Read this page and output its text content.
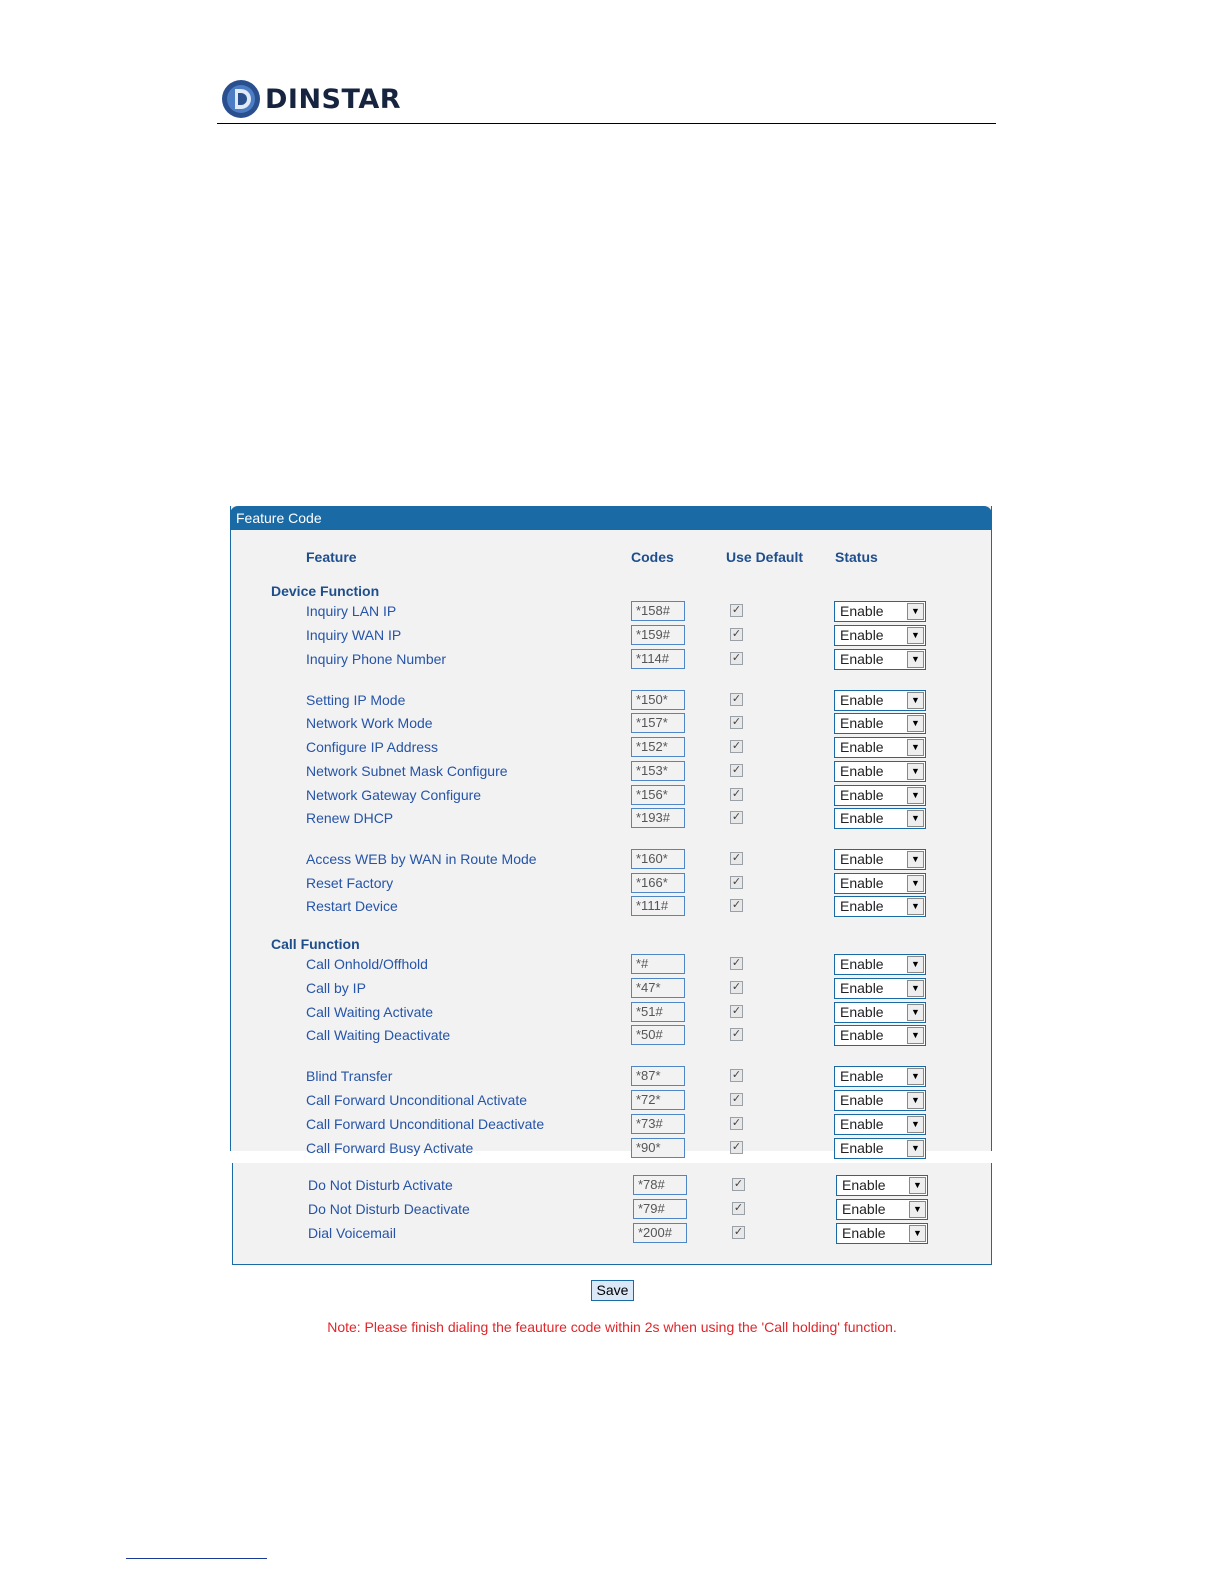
DINSTAR
Feature Code
Feature	Codes	Use Default Status
Device Function
Call Function
Inquiry LAN IP	*158#	✓	Enable	▼
Inquiry WAN IP	*159#	✓	Enable	▼
Inquiry Phone Number	*114#	✓	Enable	▼
Setting IP Mode	*150*	✓	Enable	▼
Network Work Mode	*157*	✓	Enable	▼
Configure IP Address	*152*	✓	Enable	▼
Network Subnet Mask Configure	*153*	✓	Enable	▼
Network Gateway Configure	*156*	✓	Enable	▼
Renew DHCP	*193#	✓	Enable	▼
Access WEB by WAN in Route Mode	*160*	✓	Enable	▼
Reset Factory	*166*	✓	Enable	▼
Restart Device	*111#	✓	Enable	▼
Call Onhold/Offhold	*#	✓	Enable	▼
Call by IP	*47*	✓	Enable	▼
Call Waiting Activate	*51#	✓	Enable	▼
Call Waiting Deactivate	*50#	✓	Enable	▼
Blind Transfer	*87*	✓	Enable	▼
Call Forward Unconditional Activate	*72*	✓	Enable	▼
Call Forward Unconditional Deactivate	*73#	✓	Enable	▼
Call Forward Busy Activate	*90*	✓	Enable	▼
Do Not Disturb Activate	*78#	✓	Enable	▼
Do Not Disturb Deactivate	*79#	✓	Enable	▼
Dial Voicemail	*200#	✓	Enable	▼
Save
Note: Please finish dialing the feauture code within 2s when using the 'Call holding' function.
